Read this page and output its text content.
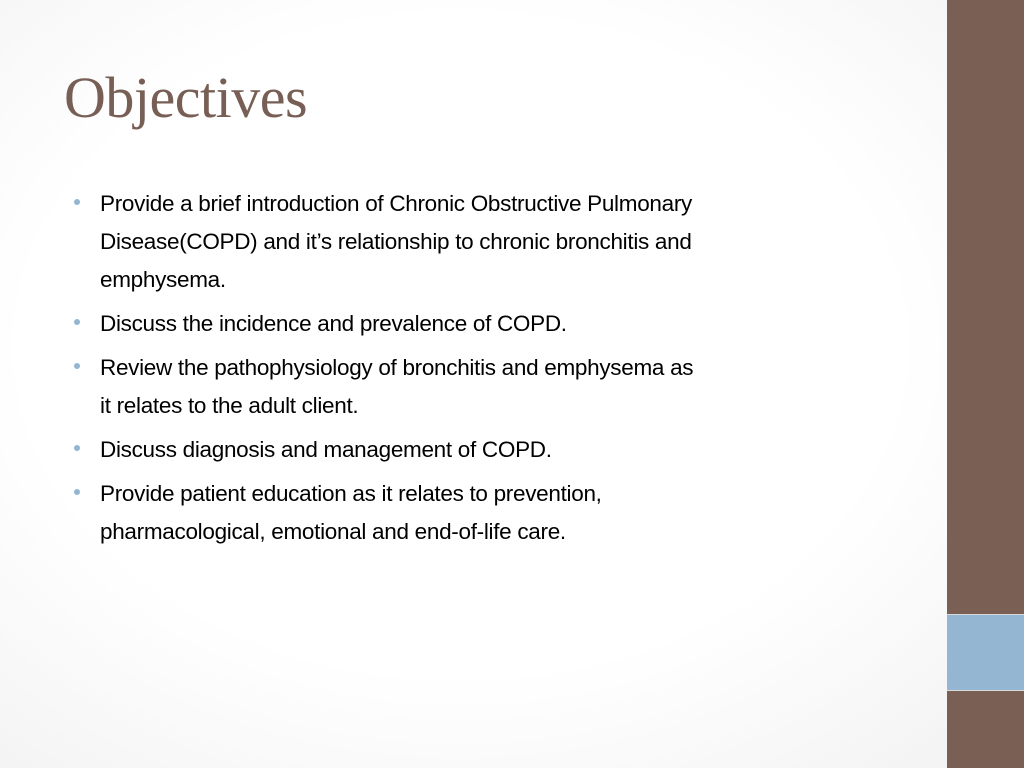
Objectives
Provide a brief introduction of Chronic Obstructive Pulmonary
Disease(COPD) and it’s relationship to chronic bronchitis and
emphysema.
Discuss the incidence and prevalence of COPD.
Review the pathophysiology of bronchitis and emphysema as
it relates to the adult client.
Discuss diagnosis and management of COPD.
Provide patient education as it relates to prevention,
pharmacological, emotional and end-of-life care.
